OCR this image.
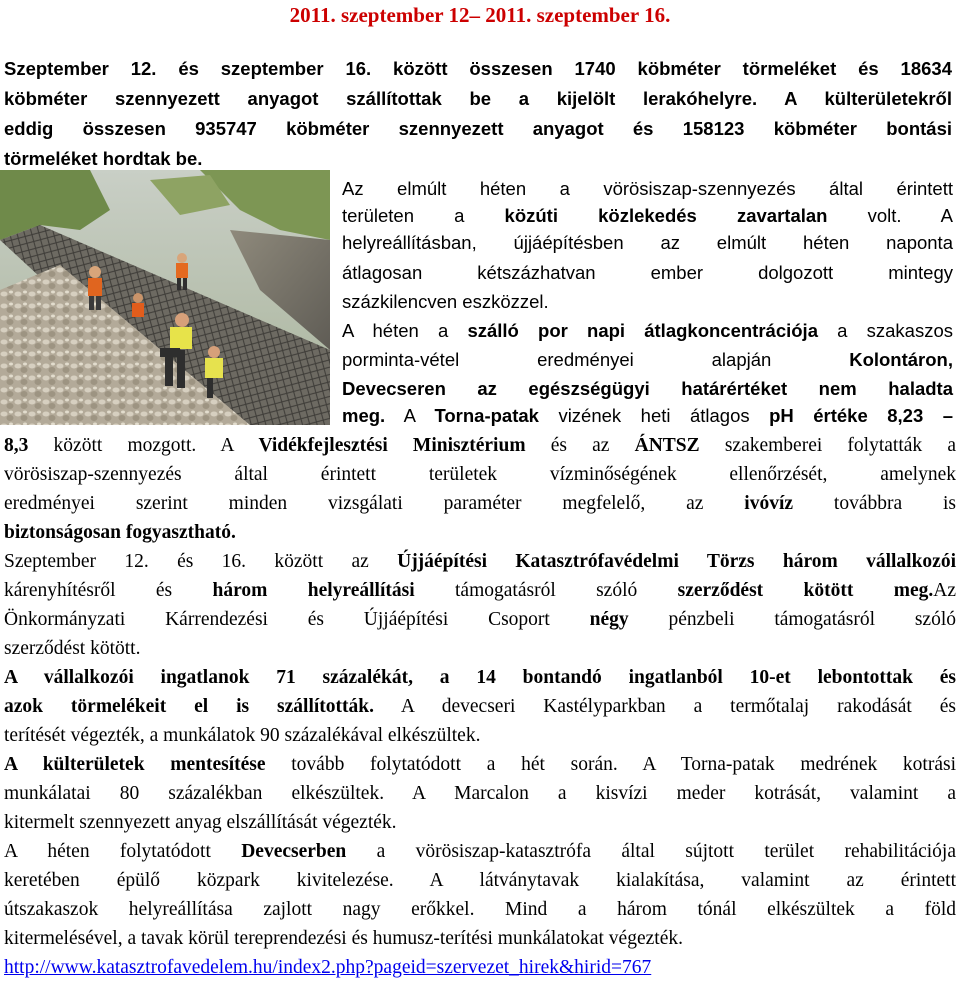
2011. szeptember 12– 2011. szeptember 16.
Szeptember 12. és szeptember 16. között összesen 1740 köbméter törmeléket és 18634
köbméter szennyezett anyagot szállítottak be a kijelölt lerakóhelyre. A külterületekről
eddig összesen 935747 köbméter szennyezett anyagot és 158123 köbméter bontási
törmeléket hordtak be.
Az elmúlt héten a vörösiszap-szennyezés által érintett
területen a közúti közlekedés zavartalan volt. A
helyreállításban, újjáépítésben az elmúlt héten naponta
átlagosan kétszázhatvan ember dolgozott mintegy
százkilencven eszközzel.
A héten a szálló por napi átlagkoncentrációja a szakaszos
porminta-vétel eredményei alapján Kolontáron,
Devecseren az egészségügyi határértéket nem haladta
meg. A Torna-patak vizének heti átlagos pH értéke 8,23 –
8,3 között mozgott. A Vidékfejlesztési Minisztérium és az ÁNTSZ szakemberei folytatták a
vörösiszap-szennyezés által érintett területek vízminőségének ellenőrzését, amelynek
eredményei szerint minden vizsgálati paraméter megfelelő, az ivóvíz továbbra is
biztonságosan fogyasztható.
Szeptember 12. és 16. között az Újjáépítési Katasztrófavédelmi Törzs három vállalkozói
kárenyhítésről és három helyreállítási támogatásról szóló szerződést kötött meg.Az
Önkormányzati Kárrendezési és Újjáépítési Csoport négy pénzbeli támogatásról szóló
szerződést kötött.
A vállalkozói ingatlanok 71 százalékát, a 14 bontandó ingatlanból 10-et lebontottak és
azok törmelékeit el is szállították. A devecseri Kastélyparkban a termőtalaj rakodását és
terítését végezték, a munkálatok 90 százalékával elkészültek.
A külterületek mentesítése tovább folytatódott a hét során. A Torna-patak medrének kotrási
munkálatai 80 százalékban elkészültek. A Marcalon a kisvízi meder kotrását, valamint a
kitermelt szennyezett anyag elszállítását végezték.
A héten folytatódott Devecserben a vörösiszap-katasztrófa által sújtott terület rehabilitációja
keretében épülő közpark kivitelezése. A látványtavak kialakítása, valamint az érintett
útszakaszok helyreállítása zajlott nagy erőkkel. Mind a három tónál elkészültek a föld
kitermelésével, a tavak körül tereprendezési és humusz-terítési munkálatokat végezték.
http://www.katasztrofavedelem.hu/index2.php?pageid=szervezet_hirek&hirid=767
